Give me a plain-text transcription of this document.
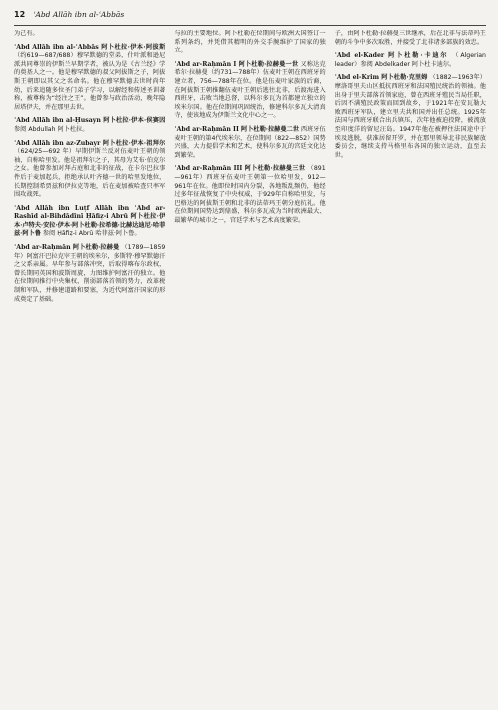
12 ʿAbd Allāh ibn al-ʿAbbās

为己有。

ʿAbd Allāh ibn al-ʿAbbās 阿卜杜拉·伊本·阿拔斯 （约619—687/688）穆罕默德的堂弟，什叶派和逊尼派共同尊崇的伊斯兰早期学者，被认为是《古兰经》学的奠基人之一。他是穆罕默德的叔父阿拔斯之子，阿拔斯王朝即以其父之名命名。他在穆罕默德去世时尚年幼，后来追随多位圣门弟子学习，以解经和传述圣训著称，被尊称为“经注之王”。他曾参与政治活动，晚年隐居塔伊夫，并在那里去世。

ʿAbd Allāh ibn al-Ḥusayn 阿卜杜拉·伊本·侯赛因 参阅 Abdullah 阿卜杜拉。

ʿAbd Allāh ibn az-Zubayr 阿卜杜拉·伊本·祖拜尔 （624/25—692 年）早期伊斯兰反对伍麦叶王朝的领袖，自称哈里发。他是祖拜尔之子，其母为艾布·伯克尔之女。他曾参加对拜占庭和北非的征战，在卡尔巴拉事件后于麦加起兵，拒绝承认叶齐德一世的哈里发地位，长期控制希贾兹和伊拉克等地，后在麦加被哈查只率军围攻战死。

ʿAbd Allāh ibn Luṭf Allāh ibn ʿAbd ar-Rashīd al-Bihdādīnī Ḥāfiẓ-i Abrū 阿卜杜拉·伊本·卢特夫·安拉·伊本·阿卜杜勒·拉希德·比赫达迪尼·哈菲兹·阿卜鲁 参阅 Ḥāfiẓ-i Abrū 哈菲兹·阿卜鲁。

ʿAbd ar-Raḥmān 阿卜杜勒·拉赫曼 （1789—1859年）阿富汗巴拉克宰王朝的埃米尔，多斯特·穆罕默德汗之父系亲属。早年参与部落冲突，后取得喀布尔政权，曾长期同英国和波斯周旋，力图维护阿富汗的独立。他在位期间推行中央集权，削弱部落首领的势力，改革税制和军队，并修建道路和要塞，为近代阿富汗国家的形成奠定了基础。

与拉的主要地位。阿卜杜勒在位期间与欧洲大国签订一系列条约，并凭借其精明的外交手腕维护了国家的独立。

ʿAbd ar-Raḥmān I 阿卜杜勒·拉赫曼一世 又称达克希尔·拉赫曼（约731—788年）伍麦叶王朝在西班牙的建立者，756—788年在位。他是伍麦叶家族的后裔，在阿拔斯王朝推翻伍麦叶王朝后逃往北非，后渡海进入西班牙，击败当地总督，以科尔多瓦为首都建立独立的埃米尔国。他在位期间巩固统治，修建科尔多瓦大清真寺，使该地成为伊斯兰文化中心之一。

ʿAbd ar-Raḥmān II 阿卜杜勒·拉赫曼二世 西班牙伍麦叶王朝的第4代埃米尔，在位期间（822—852）国势兴盛，大力提倡学术和艺术，使科尔多瓦的宫廷文化达到繁荣。

ʿAbd ar-Raḥmān III 阿卜杜勒·拉赫曼三世 （891—961年）西班牙伍麦叶王朝第一位哈里发，912—961年在位。他即位时国内分裂，各地叛乱频仍，他经过多年征战恢复了中央权威，于929年自称哈里发，与巴格达的阿拔斯王朝和北非的法蒂玛王朝分庭抗礼。他在位期间国势达到鼎盛，科尔多瓦成为当时欧洲最大、最繁华的城市之一，宫廷学术与艺术高度繁荣。

子，由阿卜杜勒·拉赫曼三世继承，后在北非与法蒂玛王朝的斗争中多次取胜，并接受了北非诸多部族的效忠。

ʿAbd el-Kader 阿卜杜勒·卡迪尔 （Algerian leader）参阅 Abdelkader 阿卜杜卡迪尔。

ʿAbd el-Krim 阿卜杜勒·克里姆 （1882—1963年）摩洛哥里夫山区抵抗西班牙和法国殖民统治的领袖。他出身于里夫部落首领家庭，曾在西班牙殖民当局任职，后因不满殖民政策而回到故乡，于1921年在安瓦勒大败西班牙军队，建立里夫共和国并出任总统。1925年法国与西班牙联合出兵镇压，次年他被迫投降，被流放至印度洋的留尼汪岛。1947年他在被押往法国途中于埃及逃脱，获准居留开罗，并在那里领导北非民族解放委员会，继续支持马格里布各国的独立运动，直至去世。
